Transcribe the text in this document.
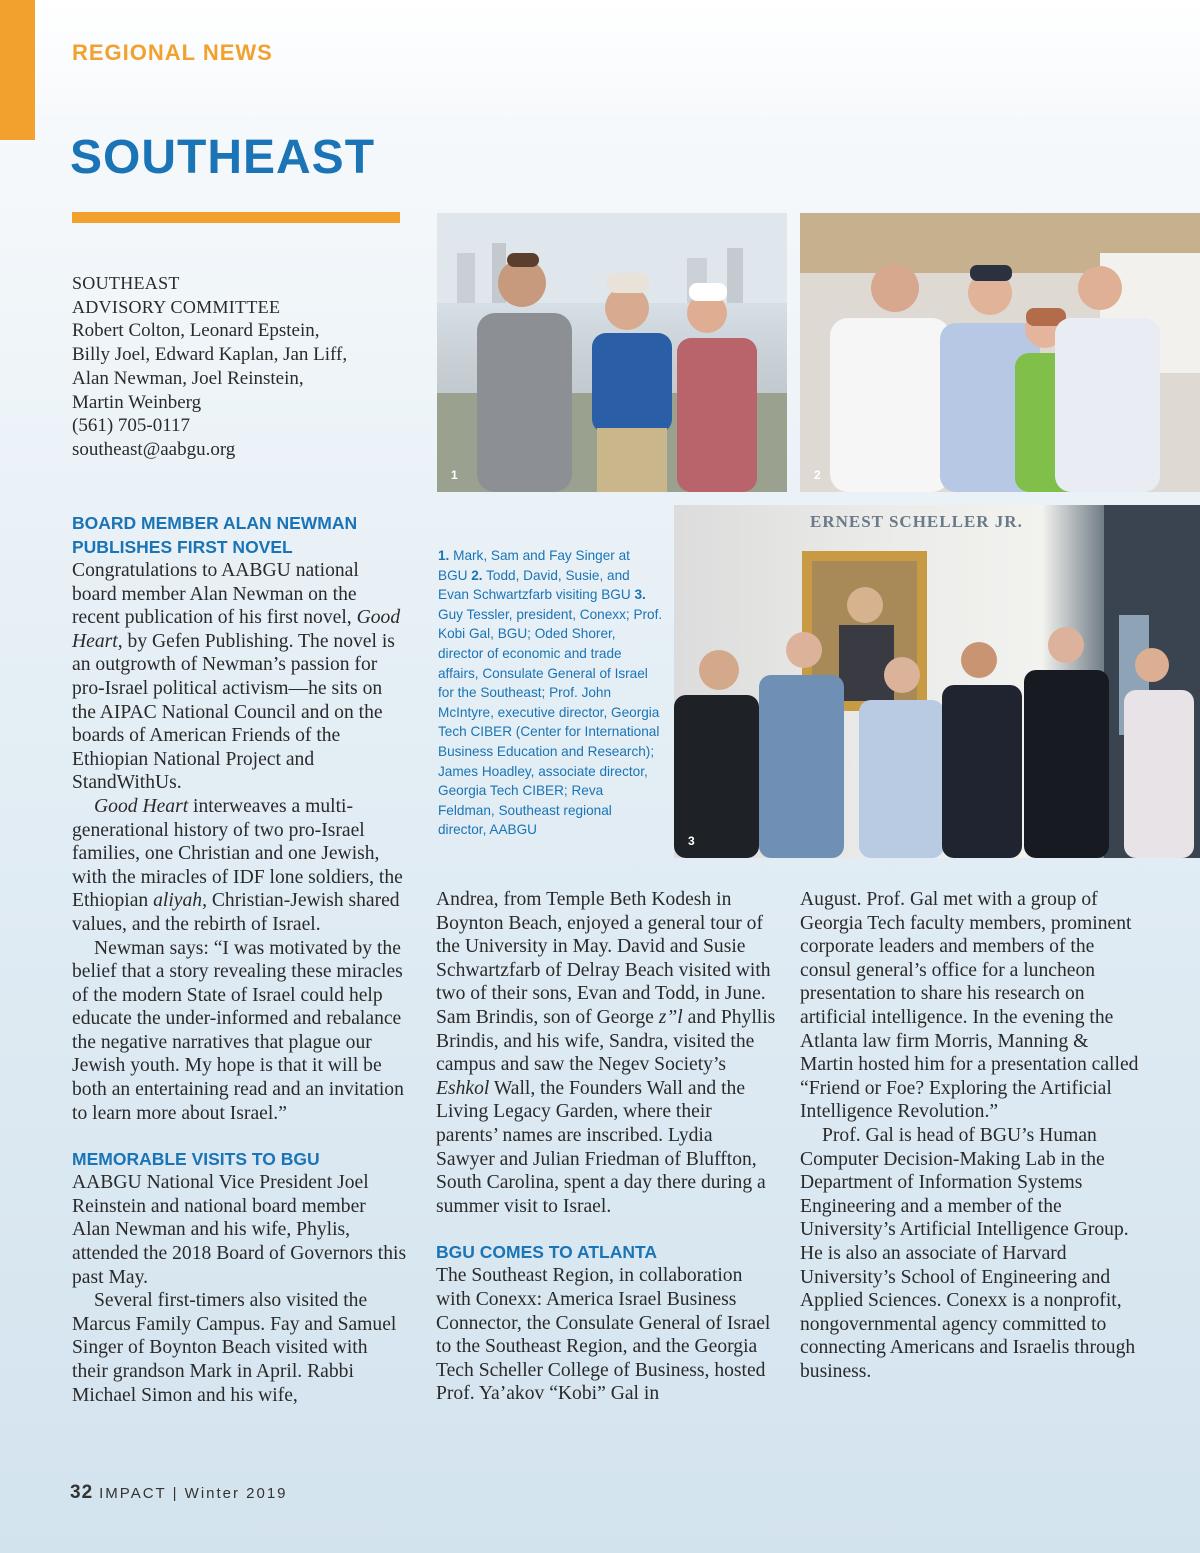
REGIONAL NEWS
SOUTHEAST
SOUTHEAST
ADVISORY COMMITTEE
Robert Colton, Leonard Epstein,
Billy Joel, Edward Kaplan, Jan Liff,
Alan Newman, Joel Reinstein,
Martin Weinberg
(561) 705-0117
southeast@aabgu.org
1	2
ERNEST SCHELLER JR.
3

1. Mark, Sam and Fay Singer at BGU 2. Todd, David, Susie, and Evan Schwartzfarb visiting BGU 3. Guy Tessler, president, Conexx; Prof. Kobi Gal, BGU; Oded Shorer, director of economic and trade affairs, Consulate General of Israel for the Southeast; Prof. John McIntyre, executive director, Georgia Tech CIBER (Center for International Business Education and Research); James Hoadley, associate director, Georgia Tech CIBER; Reva Feldman, Southeast regional director, AABGU

BOARD MEMBER ALAN NEWMAN
PUBLISHES FIRST NOVEL

Congratulations to AABGU national board member Alan Newman on the recent publication of his first novel, Good Heart, by Gefen Publishing. The novel is an outgrowth of Newman’s passion for pro-Israel political activism—he sits on the AIPAC National Council and on the boards of American Friends of the Ethiopian National Project and StandWithUs.

Good Heart interweaves a multi-generational history of two pro-Israel families, one Christian and one Jewish, with the miracles of IDF lone soldiers, the Ethiopian aliyah, Christian-Jewish shared values, and the rebirth of Israel.

Newman says: “I was motivated by the belief that a story revealing these miracles of the modern State of Israel could help educate the under-informed and rebalance the negative narratives that plague our Jewish youth. My hope is that it will be both an entertaining read and an invitation to learn more about Israel.”

MEMORABLE VISITS TO BGU

AABGU National Vice President Joel Reinstein and national board member Alan Newman and his wife, Phylis, attended the 2018 Board of Governors this past May.

Several first-timers also visited the Marcus Family Campus. Fay and Samuel Singer of Boynton Beach visited with their grandson Mark in April. Rabbi Michael Simon and his wife,

Andrea, from Temple Beth Kodesh in Boynton Beach, enjoyed a general tour of the University in May. David and Susie Schwartzfarb of Delray Beach visited with two of their sons, Evan and Todd, in June. Sam Brindis, son of George z”l and Phyllis Brindis, and his wife, Sandra, visited the campus and saw the Negev Society’s Eshkol Wall, the Founders Wall and the Living Legacy Garden, where their parents’ names are inscribed. Lydia Sawyer and Julian Friedman of Bluffton, South Carolina, spent a day there during a summer visit to Israel.

BGU COMES TO ATLANTA

The Southeast Region, in collaboration with Conexx: America Israel Business Connector, the Consulate General of Israel to the Southeast Region, and the Georgia Tech Scheller College of Business, hosted Prof. Ya’akov “Kobi” Gal in

August. Prof. Gal met with a group of Georgia Tech faculty members, prominent corporate leaders and members of the consul general’s office for a luncheon presentation to share his research on artificial intelligence. In the evening the Atlanta law firm Morris, Manning & Martin hosted him for a presentation called “Friend or Foe? Exploring the Artificial Intelligence Revolution.”

Prof. Gal is head of BGU’s Human Computer Decision-Making Lab in the Department of Information Systems Engineering and a member of the University’s Artificial Intelligence Group. He is also an associate of Harvard University’s School of Engineering and Applied Sciences. Conexx is a nonprofit, nongovernmental agency committed to connecting Americans and Israelis through business.

32 IMPACT | Winter 2019
